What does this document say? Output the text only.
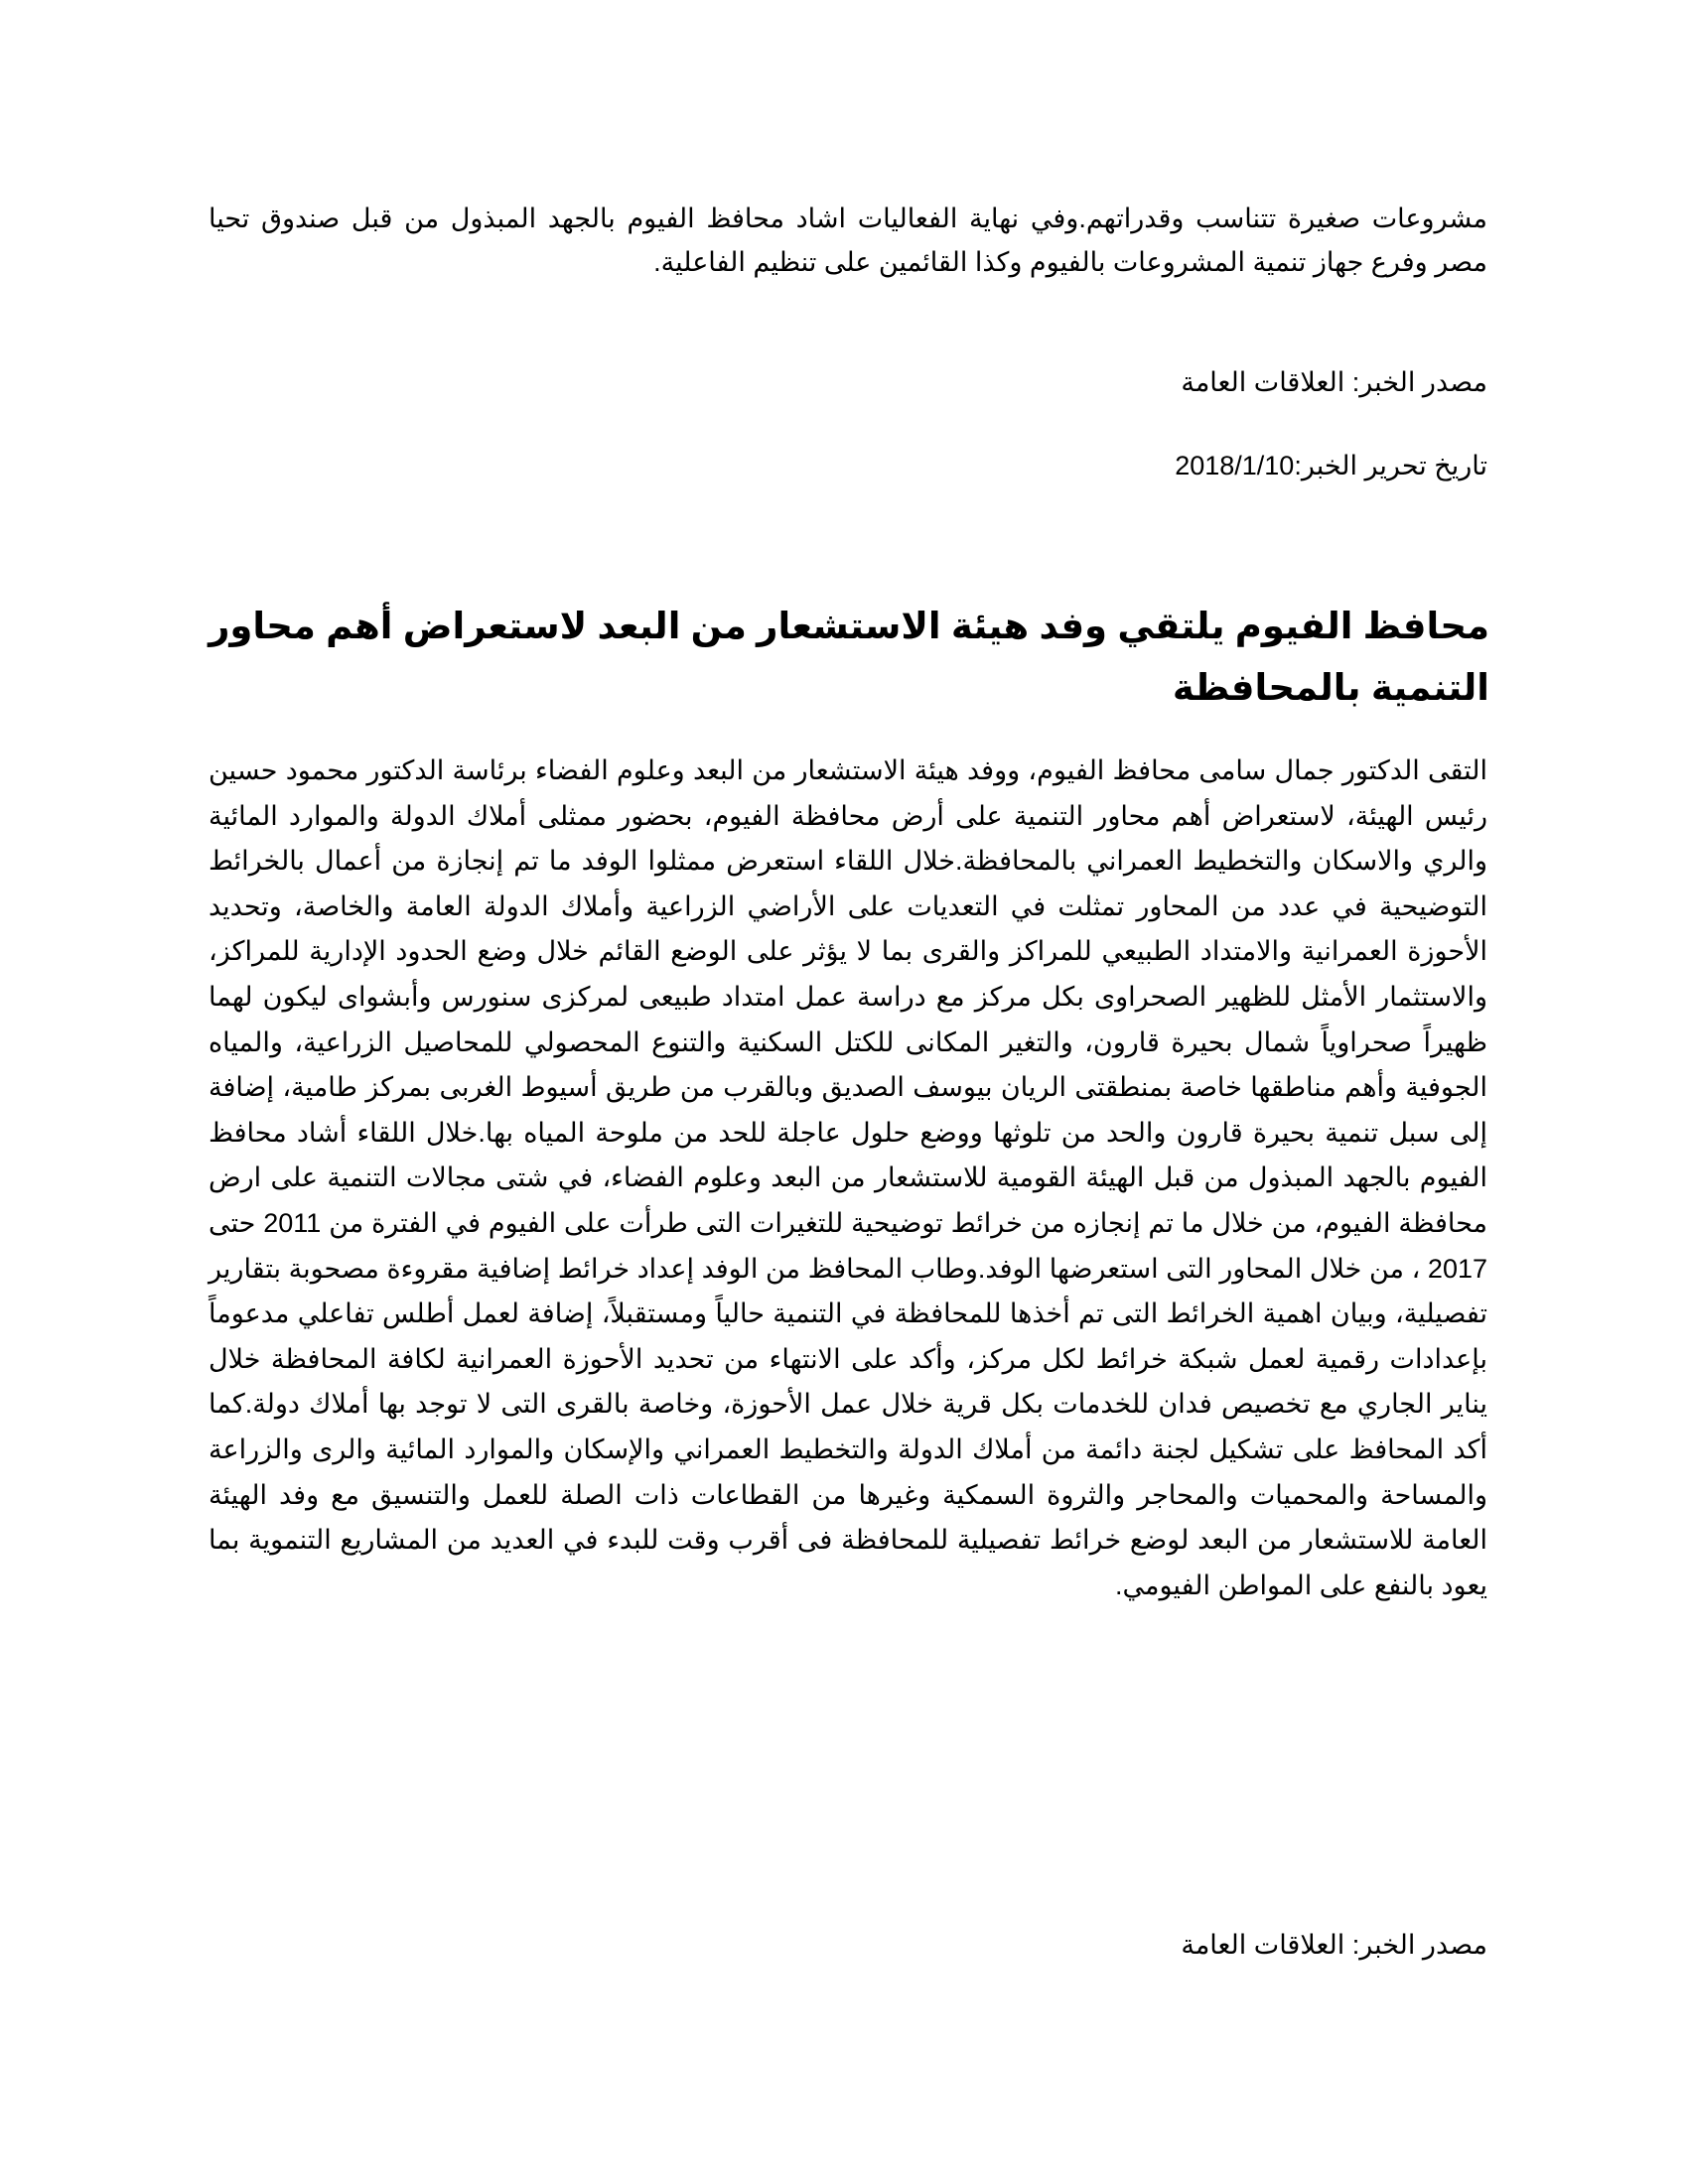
مشروعات صغيرة تتناسب وقدراتهم.وفي نهاية الفعاليات اشاد محافظ الفيوم بالجهد المبذول من قبل صندوق تحيا مصر وفرع جهاز تنمية المشروعات بالفيوم وكذا القائمين على تنظيم الفاعلية.
مصدر الخبر: العلاقات العامة
تاريخ تحرير الخبر:2018/1/10
محافظ الفيوم يلتقي وفد هيئة الاستشعار من البعد لاستعراض أهم محاور التنمية بالمحافظة
التقى الدكتور جمال سامى محافظ الفيوم، ووفد هيئة الاستشعار من البعد وعلوم الفضاء برئاسة الدكتور محمود حسين رئيس الهيئة، لاستعراض أهم محاور التنمية على أرض محافظة الفيوم، بحضور ممثلى أملاك الدولة والموارد المائية والري والاسكان والتخطيط العمراني بالمحافظة.خلال اللقاء استعرض ممثلوا الوفد ما تم إنجازة من أعمال بالخرائط التوضيحية في عدد من المحاور تمثلت في التعديات على الأراضي الزراعية وأملاك الدولة العامة والخاصة، وتحديد الأحوزة العمرانية والامتداد الطبيعي للمراكز والقرى بما لا يؤثر على الوضع القائم خلال وضع الحدود الإدارية للمراكز، والاستثمار الأمثل للظهير الصحراوى بكل مركز مع دراسة عمل امتداد طبيعى لمركزى سنورس وأبشواى ليكون لهما ظهيراً صحراوياً شمال بحيرة قارون، والتغير المكانى للكتل السكنية والتنوع المحصولي للمحاصيل الزراعية، والمياه الجوفية وأهم مناطقها خاصة بمنطقتى الريان بيوسف الصديق وبالقرب من طريق أسيوط الغربى بمركز طامية، إضافة إلى سبل تنمية بحيرة قارون والحد من تلوثها ووضع حلول عاجلة للحد من ملوحة المياه بها.خلال اللقاء أشاد محافظ الفيوم بالجهد المبذول من قبل الهيئة القومية للاستشعار من البعد وعلوم الفضاء، في شتى مجالات التنمية على ارض محافظة الفيوم، من خلال ما تم إنجازه من خرائط توضيحية للتغيرات التى طرأت على الفيوم في الفترة من 2011 حتى 2017 ، من خلال المحاور التى استعرضها الوفد.وطاب المحافظ من الوفد إعداد خرائط إضافية مقروءة مصحوبة بتقارير تفصيلية، وبيان اهمية الخرائط التى تم أخذها للمحافظة في التنمية حالياً ومستقبلاً، إضافة لعمل أطلس تفاعلي مدعوماً بإعدادات رقمية لعمل شبكة خرائط لكل مركز، وأكد على الانتهاء من تحديد الأحوزة العمرانية لكافة المحافظة خلال يناير الجاري مع تخصيص فدان للخدمات بكل قرية خلال عمل الأحوزة، وخاصة بالقرى التى لا توجد بها أملاك دولة.كما أكد المحافظ على تشكيل لجنة دائمة من أملاك الدولة والتخطيط العمراني والإسكان والموارد المائية والرى والزراعة والمساحة والمحميات والمحاجر والثروة السمكية وغيرها من القطاعات ذات الصلة للعمل والتنسيق مع وفد الهيئة العامة للاستشعار من البعد لوضع خرائط تفصيلية للمحافظة فى أقرب وقت للبدء في العديد من المشاريع التنموية بما يعود بالنفع على المواطن الفيومي.
مصدر الخبر: العلاقات العامة
